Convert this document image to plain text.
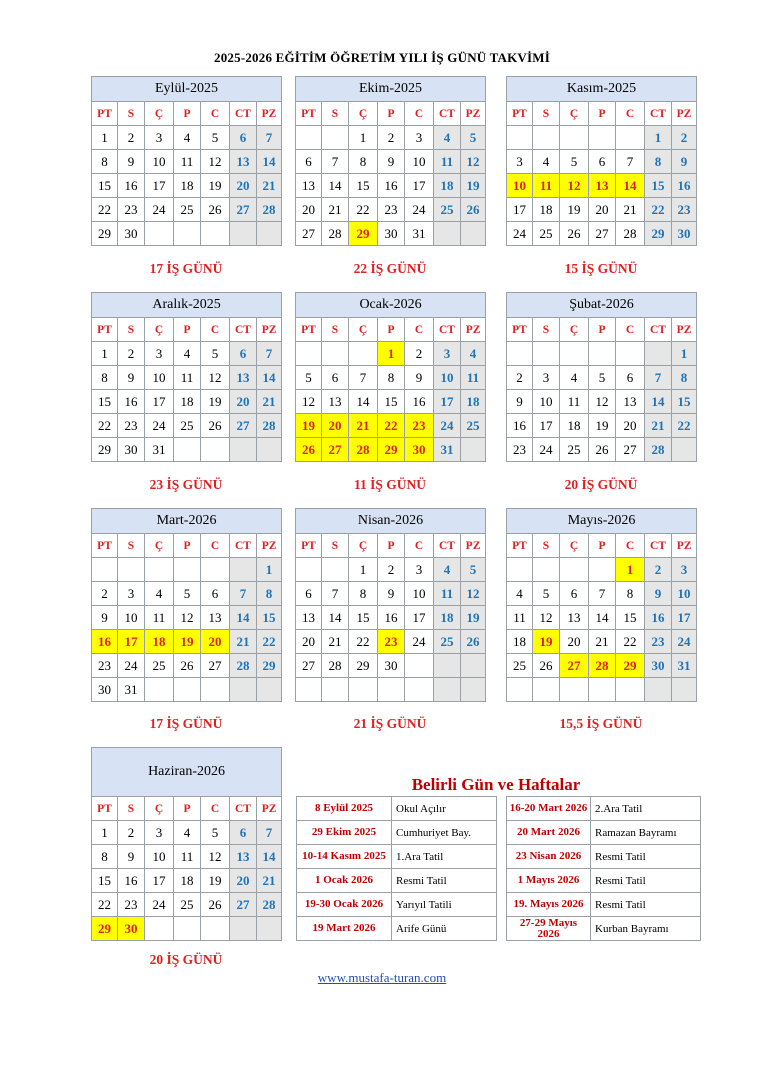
2025-2026 EĞİTİM ÖĞRETİM YILI İŞ GÜNÜ TAKVİMİ
Eylül-2025						
PT	S	Ç	P	C	CT	PZ
1	2	3	4	5	6	7
8	9	10	11	12	13	14
15	16	17	18	19	20	21
22	23	24	25	26	27	28
29	30					
17 İŞ GÜNÜ
Ekim-2025						
PT	S	Ç	P	C	CT	PZ
		1	2	3	4	5
6	7	8	9	10	11	12
13	14	15	16	17	18	19
20	21	22	23	24	25	26
27	28	29	30	31		
22 İŞ GÜNÜ
Kasım-2025						
PT	S	Ç	P	C	CT	PZ
					1	2
3	4	5	6	7	8	9
10	11	12	13	14	15	16
17	18	19	20	21	22	23
24	25	26	27	28	29	30
15 İŞ GÜNÜ
Aralık-2025						
PT	S	Ç	P	C	CT	PZ
1	2	3	4	5	6	7
8	9	10	11	12	13	14
15	16	17	18	19	20	21
22	23	24	25	26	27	28
29	30	31				
23 İŞ GÜNÜ
Ocak-2026						
PT	S	Ç	P	C	CT	PZ
			1	2	3	4
5	6	7	8	9	10	11
12	13	14	15	16	17	18
19	20	21	22	23	24	25
26	27	28	29	30	31	
11 İŞ GÜNÜ
Şubat-2026						
PT	S	Ç	P	C	CT	PZ
						1
2	3	4	5	6	7	8
9	10	11	12	13	14	15
16	17	18	19	20	21	22
23	24	25	26	27	28	
20 İŞ GÜNÜ
Mart-2026						
PT	S	Ç	P	C	CT	PZ
						1
2	3	4	5	6	7	8
9	10	11	12	13	14	15
16	17	18	19	20	21	22
23	24	25	26	27	28	29
30	31					
17 İŞ GÜNÜ
Nisan-2026						
PT	S	Ç	P	C	CT	PZ
		1	2	3	4	5
6	7	8	9	10	11	12
13	14	15	16	17	18	19
20	21	22	23	24	25	26
27	28	29	30			

21 İŞ GÜNÜ
Mayıs-2026						
PT	S	Ç	P	C	CT	PZ
				1	2	3
4	5	6	7	8	9	10
11	12	13	14	15	16	17
18	19	20	21	22	23	24
25	26	27	28	29	30	31

15,5 İŞ GÜNÜ
Haziran-2026						
PT	S	Ç	P	C	CT	PZ
1	2	3	4	5	6	7
8	9	10	11	12	13	14
15	16	17	18	19	20	21
22	23	24	25	26	27	28
29	30					
20 İŞ GÜNÜ
Belirli Gün ve Haftalar
8 Eylül 2025	Okul Açılır
29 Ekim 2025	Cumhuriyet Bay.
10-14 Kasım 2025	1.Ara Tatil
1 Ocak 2026	Resmi Tatil
19-30 Ocak 2026	Yarıyıl Tatili
19 Mart 2026	Arife Günü
16-20 Mart 2026	2.Ara Tatil
20 Mart 2026	Ramazan Bayramı
23 Nisan 2026	Resmi Tatil
1 Mayıs 2026	Resmi Tatil
19. Mayıs 2026	Resmi Tatil
27-29 Mayıs 2026	Kurban Bayramı
www.mustafa-turan.com
